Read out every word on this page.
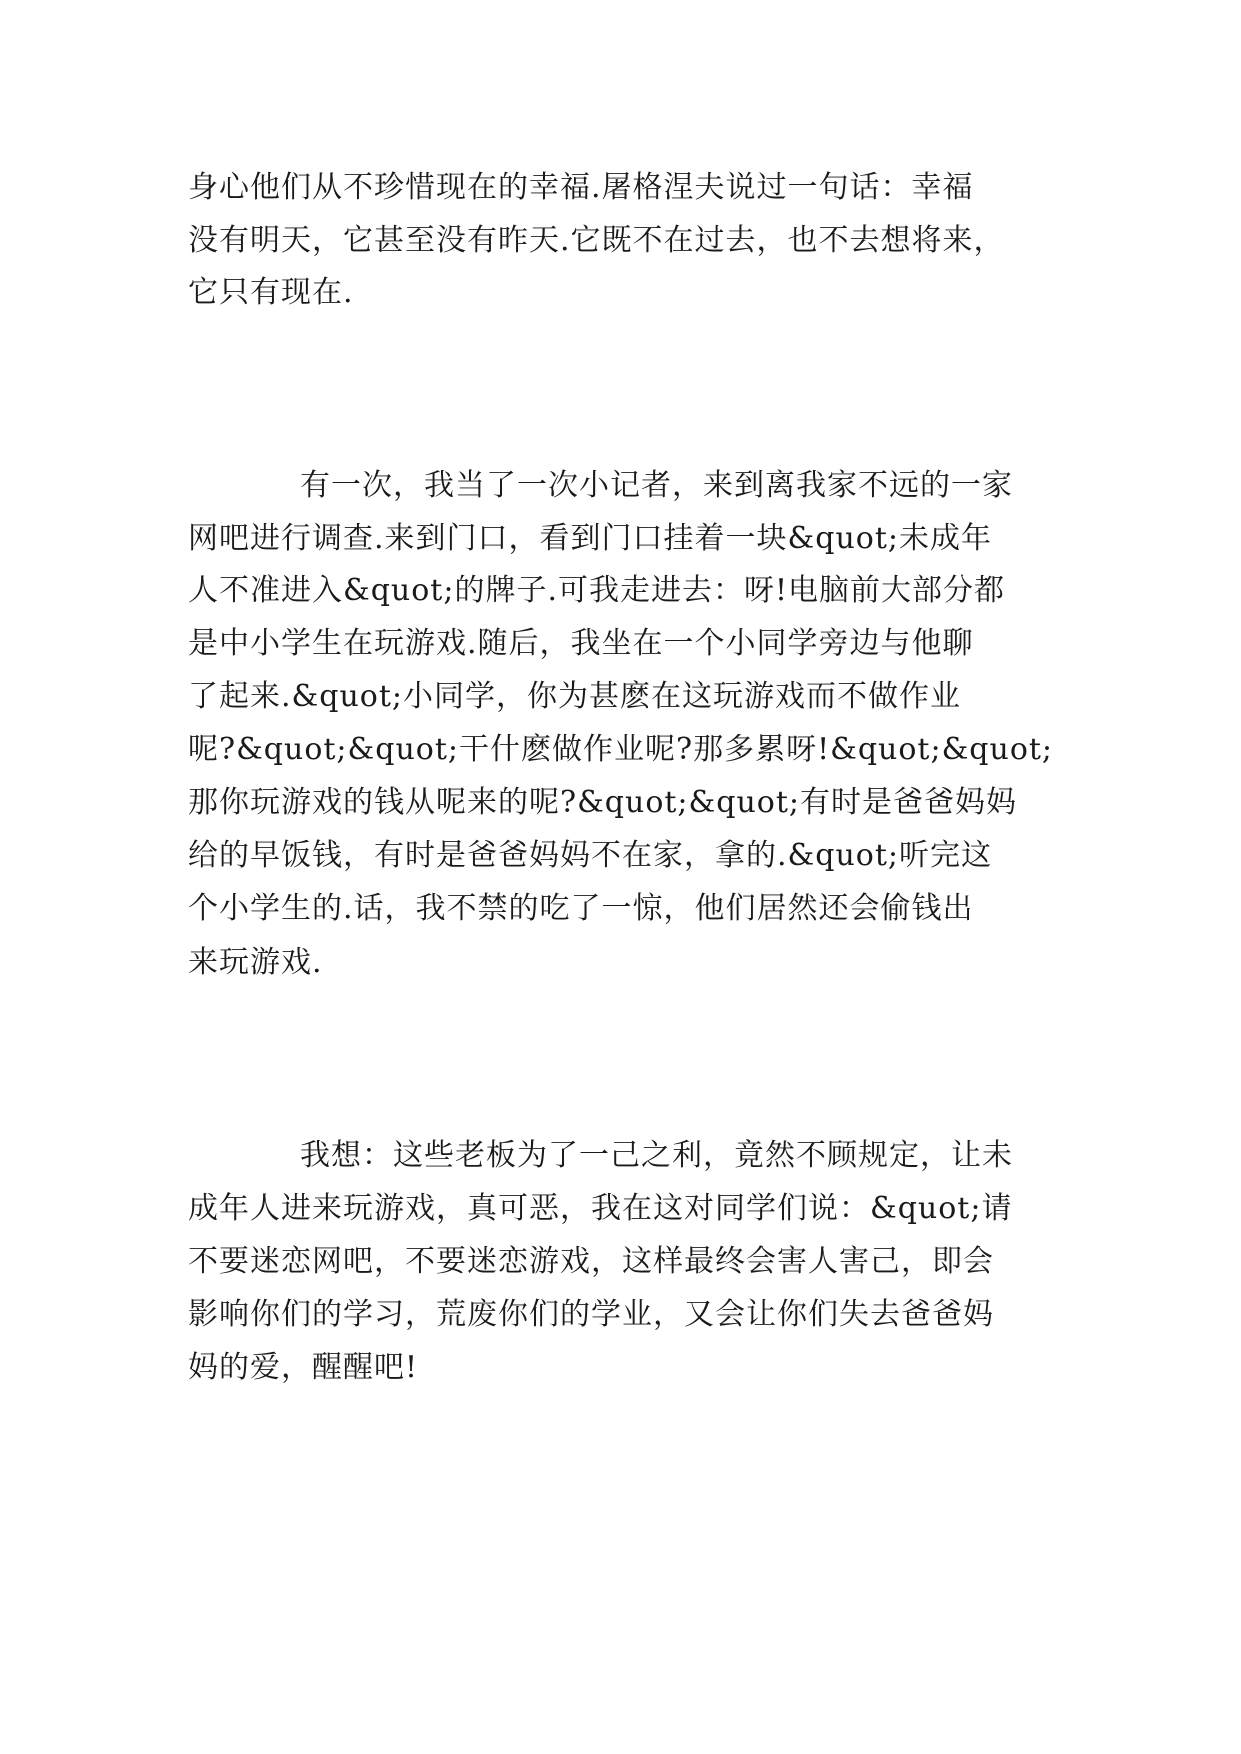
身心他们从不珍惜现在的幸福.屠格涅夫说过一句话：幸福
没有明天，它甚至没有昨天.它既不在过去，也不去想将来，
它只有现在.
有一次，我当了一次小记者，来到离我家不远的一家
网吧进行调查.来到门口，看到门口挂着一块&quot;未成年
人不准进入&quot;的牌子.可我走进去：呀!电脑前大部分都
是中小学生在玩游戏.随后，我坐在一个小同学旁边与他聊
了起来.&quot;小同学，你为甚麽在这玩游戏而不做作业
呢?&quot;&quot;干什麽做作业呢?那多累呀!&quot;&quot;
那你玩游戏的钱从呢来的呢?&quot;&quot;有时是爸爸妈妈
给的早饭钱，有时是爸爸妈妈不在家，拿的.&quot;听完这
个小学生的.话，我不禁的吃了一惊，他们居然还会偷钱出
来玩游戏.
我想：这些老板为了一己之利，竟然不顾规定，让未
成年人进来玩游戏，真可恶，我在这对同学们说：&quot;请
不要迷恋网吧，不要迷恋游戏，这样最终会害人害己，即会
影响你们的学习，荒废你们的学业，又会让你们失去爸爸妈
妈的爱，醒醒吧!
